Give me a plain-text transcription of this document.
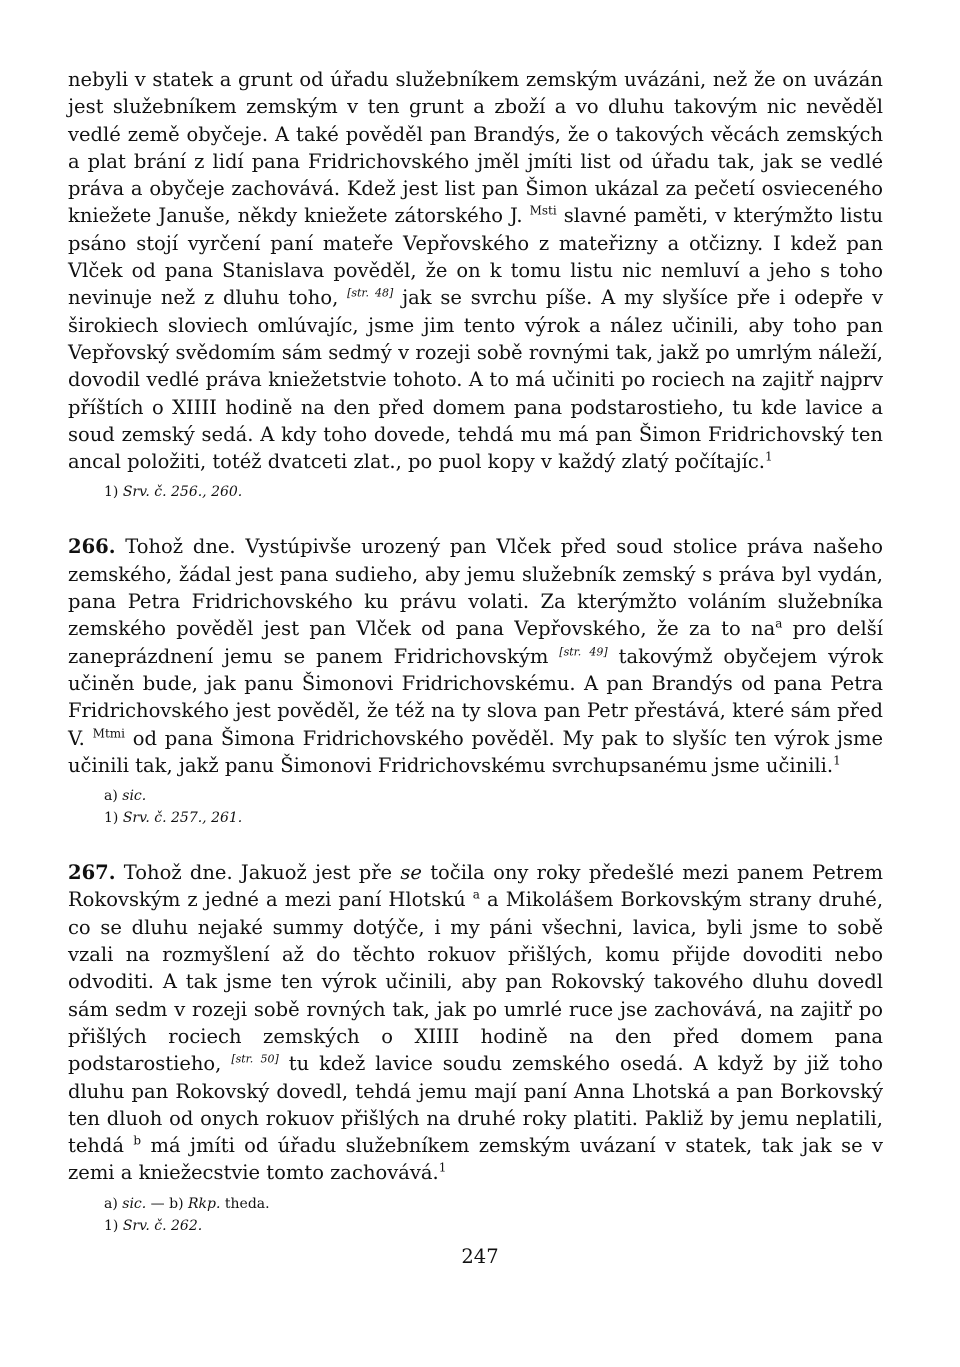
nebyli v statek a grunt od úřadu služebníkem zemským uvázáni, než že on uvázán jest služebníkem zemským v ten grunt a zboží a vo dluhu takovým nic nevěděl vedlé země obyčeje. A také pověděl pan Brandýs, že o takových věcách zemských a plat brání z lidí pana Fridrichovského jměl jmíti list od úřadu tak, jak se vedlé práva a obyčeje zachovává. Kdež jest list pan Šimon ukázal za pečetí osvieceného kniežete Januše, někdy kniežete zátorského J. $^{Msti}$ slavné paměti, v kterýmžto listu psáno stojí vyrčení paní mateře Vepřovského z mateřizny a otčizny. I kdež pan Vlček od pana Stanislava pověděl, že on k tomu listu nic nemluví a jeho s toho nevinuje než z dluhu toho, [str. 48] jak se svrchu píše. A my slyšíce pře i odepře v širokiech sloviech omlúvajíc, jsme jim tento výrok a nález učinili, aby toho pan Vepřovský svědomím sám sedmý v rozeji sobě rovnými tak, jakž po umrlým náleží, dovodil vedlé práva kniežetstvie tohoto. A to má učiniti po rociech na zajitř najprv příštích o XIIII hodině na den před domem pana podstarostieho, tu kde lavice a soud zemský sedá. A kdy toho dovede, tehdá mu má pan Šimon Fridrichovský ten ancal položiti, totéž dvatceti zlat., po puol kopy v každý zlatý počítajíc.$^1$

1) Srv. č. 256., 260.

266. Tohož dne. Vystúpivše urozený pan Vlček před soud stolice práva našeho zemského, žádal jest pana sudieho, aby jemu služebník zemský s práva byl vydán, pana Petra Fridrichovského ku právu volati. Za kterýmžto voláním služebníka zemského pověděl jest pan Vlček od pana Vepřovského, že za to $na^a$ pro delší zaneprázdnení jemu se panem Fridrichovským [str. 49] takovýmž obyčejem výrok učiněn bude, jak panu Šimonovi Fridrichovskému. A pan Brandýs od pana Petra Fridrichovského jest pověděl, že též na ty slova pan Petr přestává, které sám před V. $^{Mtmi}$ od pana Šimona Fridrichovského pověděl. My pak to slyšíc ten výrok jsme učinili tak, jakž panu Šimonovi Fridrichovskému svrchupsanému jsme učinili.$^1$

a) sic.

1) Srv. č. 257., 261.

267. Tohož dne. Jakuož jest pře se točila ony roky předešlé mezi panem Petrem Rokovským z jedné a mezi paní Hlotskú $^a$ a Mikolášem Borkovským strany druhé, co se dluhu nejaké summy dotýče, i my páni všechni, lavica, byli jsme to sobě vzali na rozmyšlení až do těchto rokuov přišlých, komu přijde dovoditi nebo odvoditi. A tak jsme ten výrok učinili, aby pan Rokovský takového dluhu dovedl sám sedm v rozeji sobě rovných tak, jak po umrlé ruce jse zachovává, na zajitř po přišlých rociech zemských o XIIII hodině na den před domem pana podstarostieho, [str. 50] tu kdež lavice soudu zemského osedá. A když by již toho dluhu pan Rokovský dovedl, tehdá jemu mají paní Anna Lhotská a pan Borkovský ten dluoh od onych rokuov přišlých na druhé roky platiti. Pakliž by jemu neplatili, tehdá $^b$ má jmíti od úřadu služebníkem zemským uvázaní v statek, tak jak se v zemi a kniežecstvie tomto zachovává.$^1$

a) sic. — b) Rkp. theda.

1) Srv. č. 262.

247
